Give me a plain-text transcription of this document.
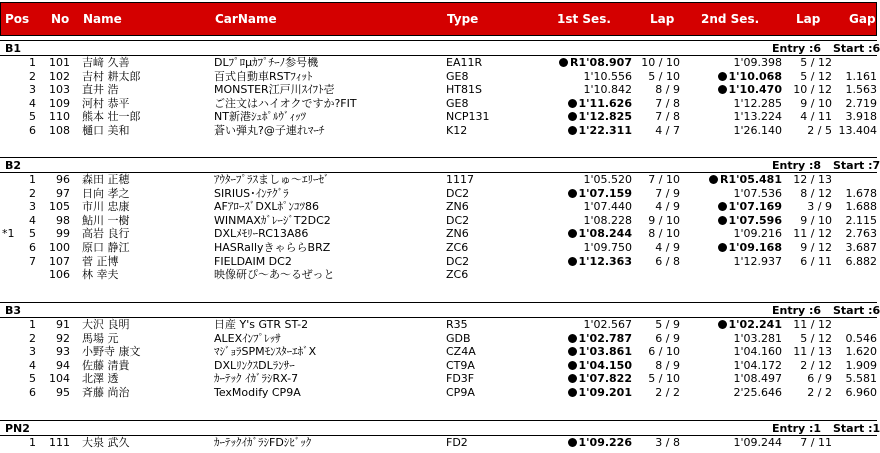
Pos No Name	CarName	Type	1st Ses.	Lap 2nd Ses.	Lap Gap
B1	Entry :6 Start :6
1	101 吉﨑 久善	DLﾌﾟﾛμｶﾌﾟﾁｰﾉ参号機	EA11R	R1'08.907 10 / 10	1'09.398	5 / 12
2	102 吉村 耕太郎	百式自動車RSTﾌｨｯﾄ	GE8	1'10.556	5 / 10	1'10.068	5 / 12	1.161
3	103 直井 浩	MONSTER江戸川ｽｲﾌﾄ壱	HT81S	1'10.842	8 / 9	1'10.470	10 / 12	1.563
4	109 河村 恭平	ご注文はハイオクですか?FIT	GE8	1'11.626	7 / 8	1'12.285	9 / 10	2.719
5	110 熊本 壮一郎	NT新港ｼｭﾎﾟﾙｳﾞｨｯﾂ	NCP131	1'12.825	7 / 8	1'13.224	4 / 11	3.918
6	108 樋口 美和	蒼い弾丸?@子連れﾏｰﾁ	K12	1'22.311	4 / 7	1'26.140	2 / 5 13.404
B2	Entry :8 Start :7
1	96 森田 正穂	ｱｳﾀｰﾌﾟﾗｽましゅ～ｴﾘｰｾﾞ	1117	1'05.520	7 / 10	R1'05.481	12 / 13
2	97 日向 孝之	SIRIUS･ｲﾝﾃｸﾞﾗ	DC2	1'07.159	7 / 9	1'07.536	8 / 12	1.678
3	105 市川 忠康	AFｱﾛｰｽﾞDXLﾎﾟﾝｺﾂ86	ZN6	1'07.440	4 / 9	1'07.169	3 / 9	1.688
4	98 鮎川 一樹	WINMAXｶﾞﾚｰｼﾞT2DC2	DC2	1'08.228	9 / 10	1'07.596	9 / 10	2.115
*1	5	99 高岩 良行	DXLﾒﾓﾘｰRC13A86	ZN6	1'08.244	8 / 10	1'09.216	11 / 12	2.763
6	100 原口 静江	HASRallyきゃららBRZ	ZC6	1'09.750	4 / 9	1'09.168	9 / 12	3.687
7	107 菅 正博	FIELDAIM DC2	DC2	1'12.363	6 / 8	1'12.937	6 / 11	6.882
106 林 幸夫	映像研ぴ～あ～るぜっと	ZC6
B3	Entry :6 Start :6
1	91 大沢 良明	日産 Y's GTR ST-2	R35	1'02.567	5 / 9	1'02.241	11 / 12
2	92 馬場 元	ALEXｲﾝﾌﾟﾚｯｻ	GDB	1'02.787	6 / 9	1'03.281	5 / 12	0.546
3	93 小野寺 康文	ﾏｼﾞｮﾗSPMﾓﾝｽﾀｰｴﾎﾞⅩ	CZ4A	1'03.861	6 / 10	1'04.160	11 / 13	1.620
4	94 佐藤 清貴	DXLﾘﾝｸｽDLﾗﾝｻｰ	CT9A	1'04.150	8 / 9	1'04.172	2 / 12	1.909
5	104 北澤 透	ｶｰﾃｯｸ ｲｶﾞﾗｼRX-7	FD3F	1'07.822	5 / 10	1'08.497	6 / 9	5.581
6	95 斉藤 尚治	TexModify CP9A	CP9A	1'09.201	2 / 2	2'25.646	2 / 2	6.960
PN2	Entry :1 Start :1
1	111 大泉 武久	ｶｰﾃｯｸｲｶﾞﾗｼFDｼﾋﾞｯｸ	FD2	1'09.226	3 / 8	1'09.244	7 / 11
